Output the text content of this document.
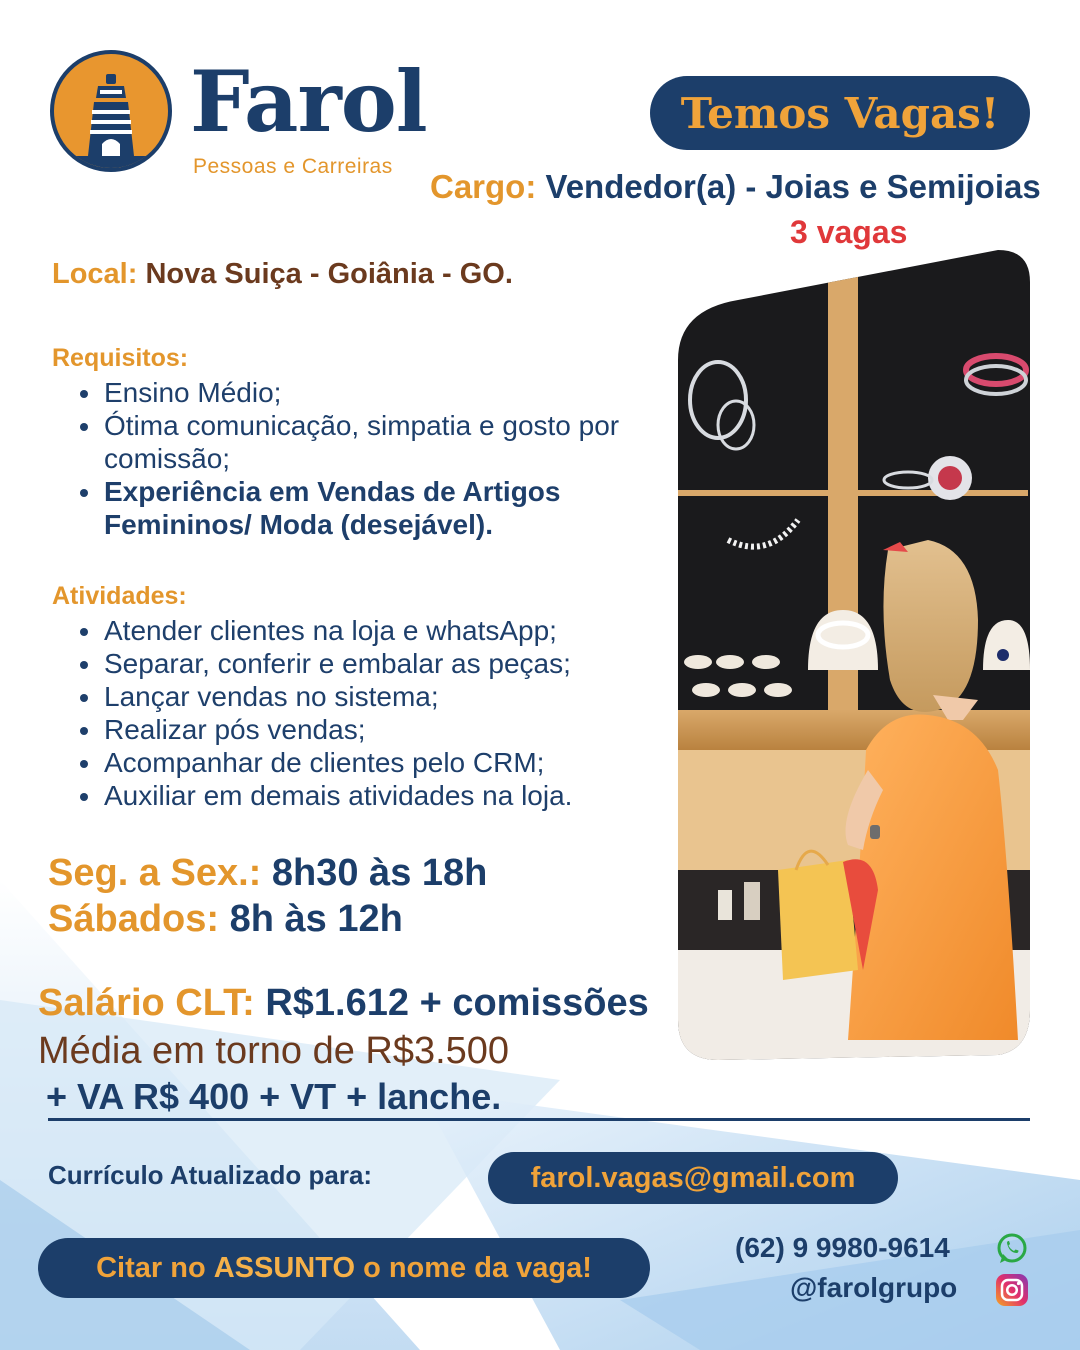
Farol
Pessoas e Carreiras
Temos Vagas!
Cargo: Vendedor(a) - Joias e Semijoias
3 vagas
Local: Nova Suiça - Goiânia - GO.
Requisitos:
Ensino Médio;
Ótima comunicação, simpatia e gosto por comissão;
Experiência em Vendas de Artigos Femininos/ Moda (desejável).
Atividades:
Atender clientes na loja e whatsApp;
Separar, conferir e embalar as peças;
Lançar vendas no sistema;
Realizar pós vendas;
Acompanhar de clientes pelo CRM;
Auxiliar em demais atividades na loja.
Seg. a Sex.: 8h30 às 18h
Sábados: 8h às 12h
Salário CLT: R$1.612 + comissões
Média em torno de R$3.500
+ VA R$ 400 + VT + lanche.
Currículo Atualizado para:	farol.vagas@gmail.com
Citar no
ASSUNTO
o nome da vaga!
(62) 9 9980-9614
@farolgrupo
